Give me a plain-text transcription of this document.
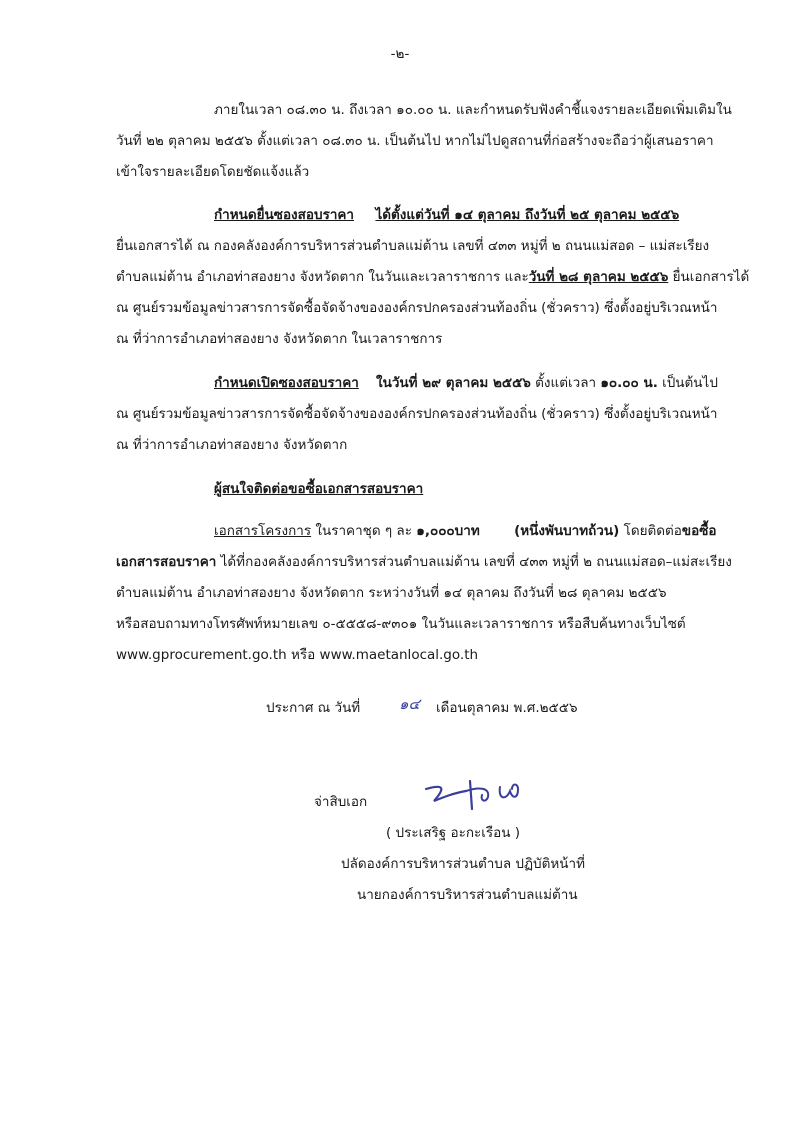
-๒-
ภายในเวลา ๐๘.๓๐ น. ถึงเวลา ๑๐.๐๐ น. และกำหนดรับฟังคำชี้แจงรายละเอียดเพิ่มเติมใน
วันที่ ๒๒ ตุลาคม ๒๕๕๖ ตั้งแต่เวลา ๐๘.๓๐ น. เป็นต้นไป หากไม่ไปดูสถานที่ก่อสร้างจะถือว่าผู้เสนอราคา
เข้าใจรายละเอียดโดยชัดแจ้งแล้ว
กำหนดยื่นซองสอบราคา ได้ตั้งแต่วันที่ ๑๔ ตุลาคม ถึงวันที่ ๒๕ ตุลาคม ๒๕๕๖
ยื่นเอกสารได้ ณ กองคลังองค์การบริหารส่วนตำบลแม่ต้าน เลขที่ ๔๓๓ หมู่ที่ ๒ ถนนแม่สอด – แม่สะเรียง
ตำบลแม่ต้าน อำเภอท่าสองยาง จังหวัดตาก ในวันและเวลาราชการ และวันที่ ๒๘ ตุลาคม ๒๕๕๖ ยื่นเอกสารได้
ณ ศูนย์รวมข้อมูลข่าวสารการจัดซื้อจัดจ้างขององค์กรปกครองส่วนท้องถิ่น (ชั่วคราว) ซึ่งตั้งอยู่บริเวณหน้า
ณ ที่ว่าการอำเภอท่าสองยาง จังหวัดตาก ในเวลาราชการ
กำหนดเปิดซองสอบราคา ในวันที่ ๒๙ ตุลาคม ๒๕๕๖ ตั้งแต่เวลา ๑๐.๐๐ น. เป็นต้นไป
ณ ศูนย์รวมข้อมูลข่าวสารการจัดซื้อจัดจ้างขององค์กรปกครองส่วนท้องถิ่น (ชั่วคราว) ซึ่งตั้งอยู่บริเวณหน้า
ณ ที่ว่าการอำเภอท่าสองยาง จังหวัดตาก
ผู้สนใจติดต่อขอซื้อเอกสารสอบราคา
เอกสารโครงการ ในราคาชุด ๆ ละ ๑,๐๐๐บาท	(หนึ่งพันบาทถ้วน) โดยติดต่อขอซื้อ
เอกสารสอบราคา ได้ที่กองคลังองค์การบริหารส่วนตำบลแม่ต้าน เลขที่ ๔๓๓ หมู่ที่ ๒ ถนนแม่สอด–แม่สะเรียง
ตำบลแม่ต้าน อำเภอท่าสองยาง จังหวัดตาก ระหว่างวันที่ ๑๔ ตุลาคม ถึงวันที่ ๒๘ ตุลาคม ๒๕๕๖
หรือสอบถามทางโทรศัพท์หมายเลข ๐-๕๕๕๘-๙๓๐๑ ในวันและเวลาราชการ หรือสืบค้นทางเว็บไซต์
www.gprocurement.go.th หรือ www.maetanlocal.go.th
ประกาศ ณ วันที่	๑๔ เดือนตุลาคม พ.ศ.๒๕๕๖
จ่าสิบเอก
( ประเสริฐ อะกะเรือน )
ปลัดองค์การบริหารส่วนตำบล ปฏิบัติหน้าที่
นายกองค์การบริหารส่วนตำบลแม่ต้าน
